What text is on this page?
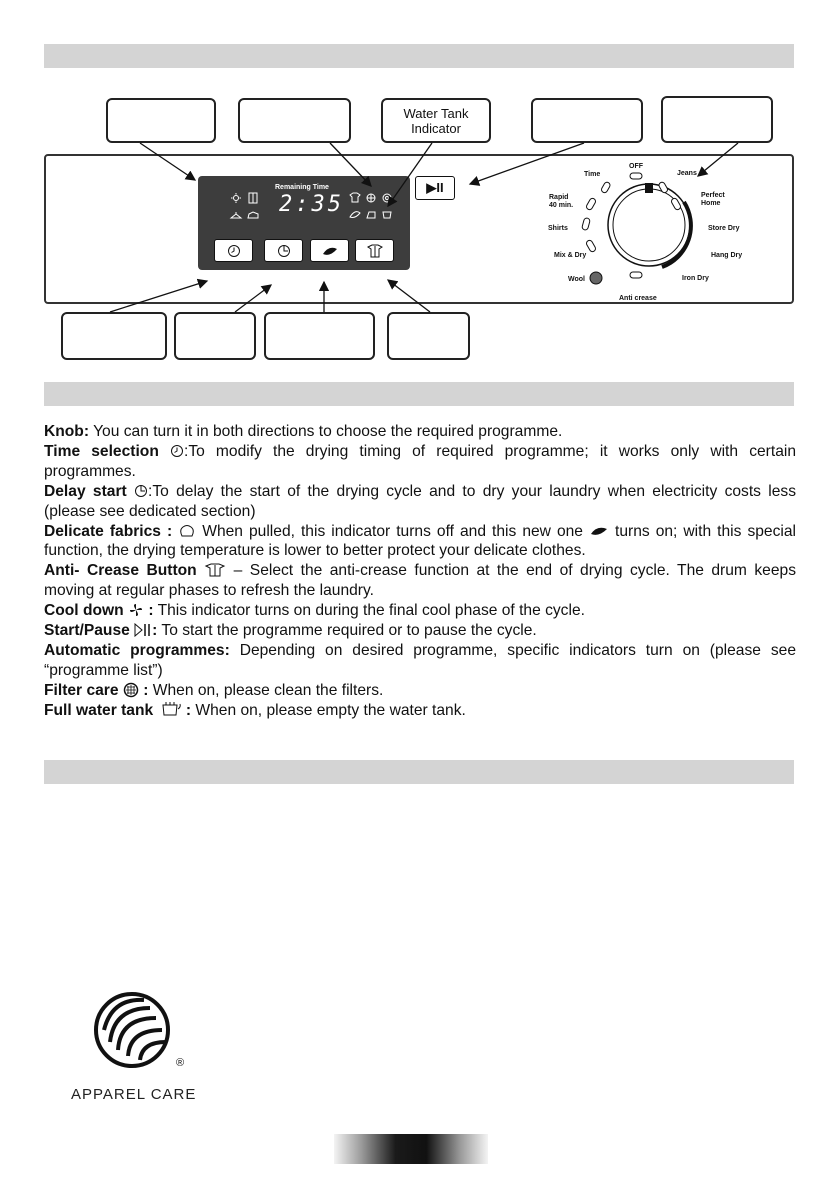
Water Tank
Indicator
Remaining Time
2:35
▶II
OFF
Time
Rapid
40 min.
Shirts
Mix & Dry
Wool
Anti crease
Jeans
Perfect
Home
Store Dry
Hang Dry
Iron Dry

Knob: You can turn it in both directions to choose the required programme.

Time selection :To modify the drying timing of required programme; it works only with certain programmes.

Delay start :To delay the start of the drying cycle and to dry your laundry when electricity costs less (please see dedicated section)

Delicate fabrics :  When pulled, this indicator turns off and this new one  turns on; with this special function, the drying temperature is lower to better protect your delicate clothes.

Anti- Crease Button  – Select the anti-crease function at the end of drying cycle. The drum keeps moving at regular phases to refresh the laundry.

Cool down  : This indicator turns on during the final cool phase of the cycle.

Start/Pause : To start the programme required or to pause the cycle.

Automatic programmes: Depending on desired programme, specific indicators turn on (please see “programme list”)

Filter care  : When on, please clean the filters.

Full water tank  : When on, please empty the water tank.

®
APPAREL CARE
